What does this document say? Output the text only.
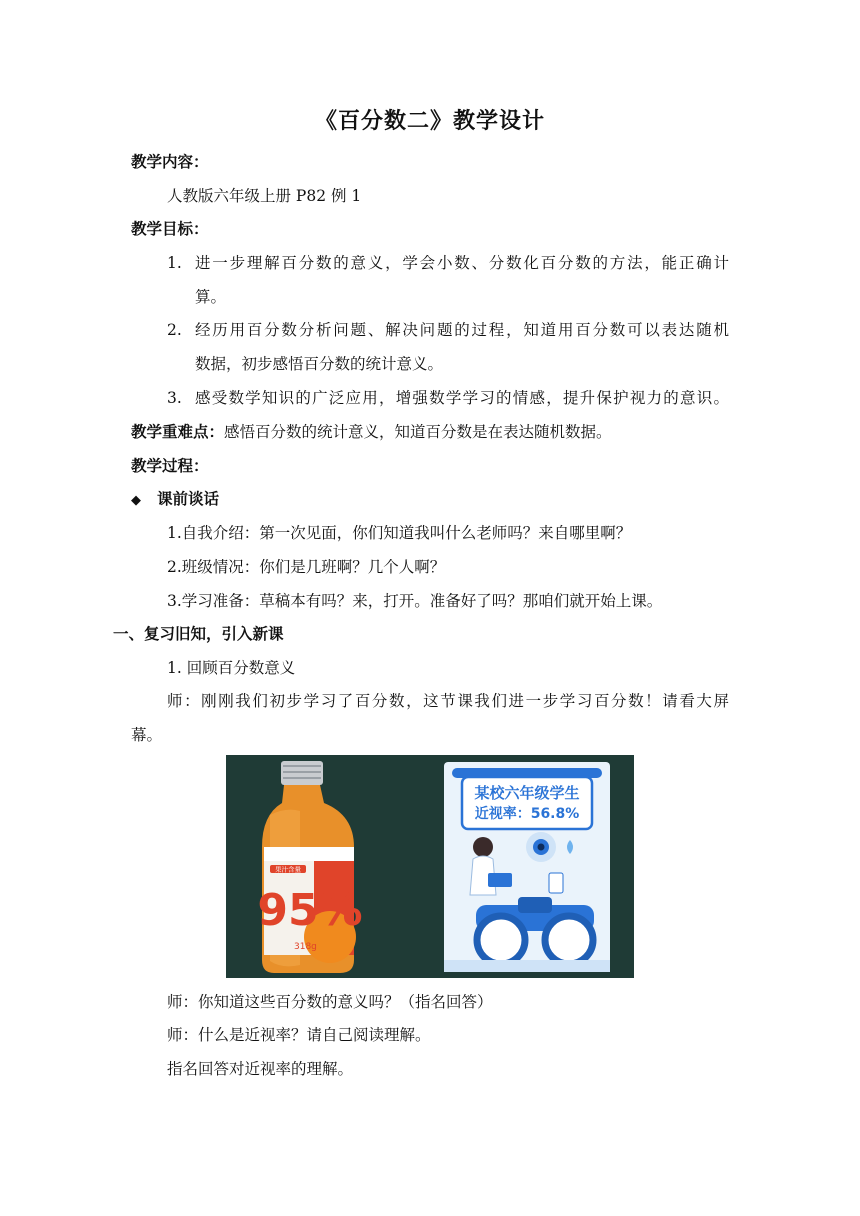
《百分数二》教学设计
教学内容：
人教版六年级上册 P82 例 1
教学目标：
1. 进一步理解百分数的意义，学会小数、分数化百分数的方法，能正确计
算。
2. 经历用百分数分析问题、解决问题的过程，知道用百分数可以表达随机
数据，初步感悟百分数的统计意义。
3. 感受数学知识的广泛应用，增强数学学习的情感，提升保护视力的意识。
教学重难点：感悟百分数的统计意义，知道百分数是在表达随机数据。
教学过程：
◆ 课前谈话
1.自我介绍：第一次见面，你们知道我叫什么老师吗？来自哪里啊？
2.班级情况：你们是几班啊？几个人啊？
3.学习准备：草稿本有吗？来，打开。准备好了吗？那咱们就开始上课。
一、复习旧知，引入新课
1. 回顾百分数意义
师：刚刚我们初步学习了百分数，这节课我们进一步学习百分数！请看大屏
幕。
果汁含量
95%
318g
某校六年级学生
近视率：56.8%
师：你知道这些百分数的意义吗？（指名回答）
师：什么是近视率？请自己阅读理解。
指名回答对近视率的理解。
